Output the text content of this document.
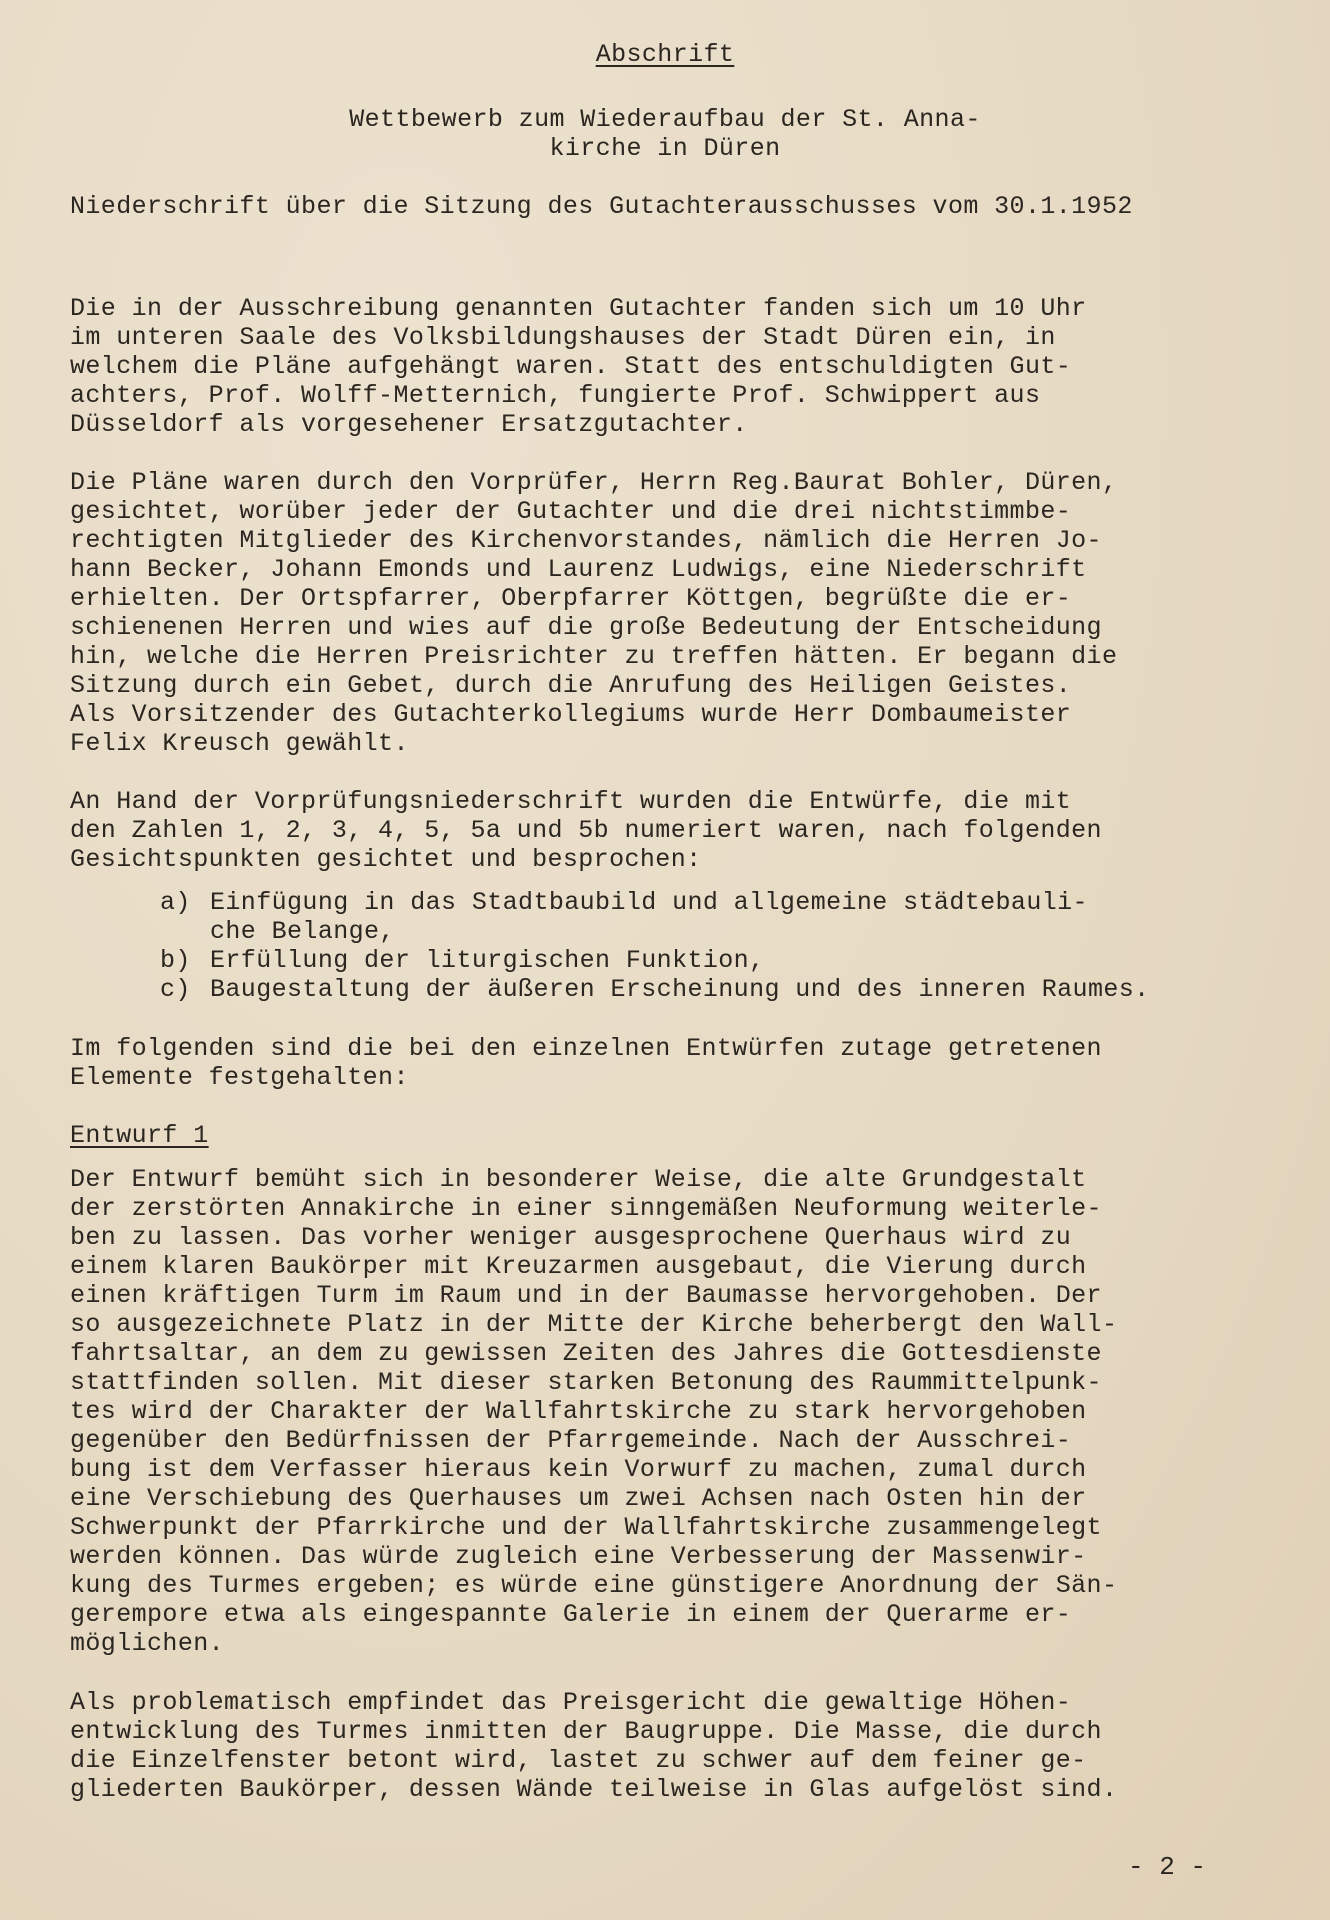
Abschrift
Wettbewerb zum Wiederaufbau der St. Anna-
kirche in Düren
Niederschrift über die Sitzung des Gutachterausschusses vom 30.1.1952
Die in der Ausschreibung genannten Gutachter fanden sich um 10 Uhr
im unteren Saale des Volksbildungshauses der Stadt Düren ein, in
welchem die Pläne aufgehängt waren. Statt des entschuldigten Gut-
achters, Prof. Wolff-Metternich, fungierte Prof. Schwippert aus
Düsseldorf als vorgesehener Ersatzgutachter.
Die Pläne waren durch den Vorprüfer, Herrn Reg.Baurat Bohler, Düren,
gesichtet, worüber jeder der Gutachter und die drei nichtstimmbe-
rechtigten Mitglieder des Kirchenvorstandes, nämlich die Herren Jo-
hann Becker, Johann Emonds und Laurenz Ludwigs, eine Niederschrift
erhielten. Der Ortspfarrer, Oberpfarrer Köttgen, begrüßte die er-
schienenen Herren und wies auf die große Bedeutung der Entscheidung
hin, welche die Herren Preisrichter zu treffen hätten. Er begann die
Sitzung durch ein Gebet, durch die Anrufung des Heiligen Geistes.
Als Vorsitzender des Gutachterkollegiums wurde Herr Dombaumeister
Felix Kreusch gewählt.
An Hand der Vorprüfungsniederschrift wurden die Entwürfe, die mit
den Zahlen 1, 2, 3, 4, 5, 5a und 5b numeriert waren, nach folgenden
Gesichtspunkten gesichtet und besprochen:
a) Einfügung in das Stadtbaubild und allgemeine städtebauli-
che Belange,
b) Erfüllung der liturgischen Funktion,
c) Baugestaltung der äußeren Erscheinung und des inneren Raumes.
Im folgenden sind die bei den einzelnen Entwürfen zutage getretenen
Elemente festgehalten:
Entwurf 1
Der Entwurf bemüht sich in besonderer Weise, die alte Grundgestalt
der zerstörten Annakirche in einer sinngemäßen Neuformung weiterle-
ben zu lassen. Das vorher weniger ausgesprochene Querhaus wird zu
einem klaren Baukörper mit Kreuzarmen ausgebaut, die Vierung durch
einen kräftigen Turm im Raum und in der Baumasse hervorgehoben. Der
so ausgezeichnete Platz in der Mitte der Kirche beherbergt den Wall-
fahrtsaltar, an dem zu gewissen Zeiten des Jahres die Gottesdienste
stattfinden sollen. Mit dieser starken Betonung des Raummittelpunk-
tes wird der Charakter der Wallfahrtskirche zu stark hervorgehoben
gegenüber den Bedürfnissen der Pfarrgemeinde. Nach der Ausschrei-
bung ist dem Verfasser hieraus kein Vorwurf zu machen, zumal durch
eine Verschiebung des Querhauses um zwei Achsen nach Osten hin der
Schwerpunkt der Pfarrkirche und der Wallfahrtskirche zusammengelegt
werden können. Das würde zugleich eine Verbesserung der Massenwir-
kung des Turmes ergeben; es würde eine günstigere Anordnung der Sän-
gerempore etwa als eingespannte Galerie in einem der Querarme er-
möglichen.
Als problematisch empfindet das Preisgericht die gewaltige Höhen-
entwicklung des Turmes inmitten der Baugruppe. Die Masse, die durch
die Einzelfenster betont wird, lastet zu schwer auf dem feiner ge-
gliederten Baukörper, dessen Wände teilweise in Glas aufgelöst sind.
- 2 -
